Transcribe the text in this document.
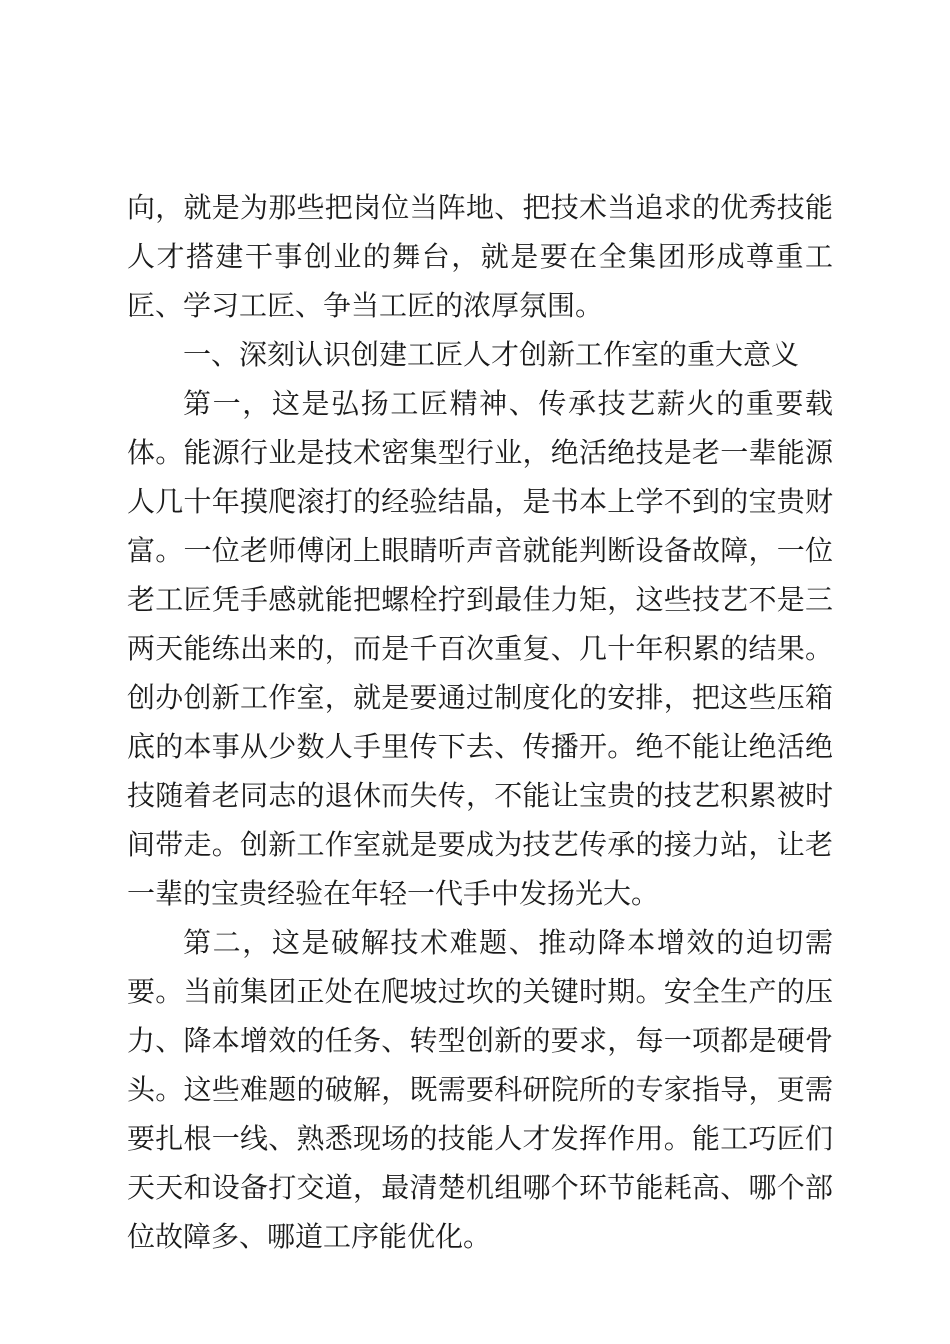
向，就是为那些把岗位当阵地、把技术当追求的优秀技能人才搭建干事创业的舞台，就是要在全集团形成尊重工匠、学习工匠、争当工匠的浓厚氛围。

一、深刻认识创建工匠人才创新工作室的重大意义

第一，这是弘扬工匠精神、传承技艺薪火的重要载体。能源行业是技术密集型行业，绝活绝技是老一辈能源人几十年摸爬滚打的经验结晶，是书本上学不到的宝贵财富。一位老师傅闭上眼睛听声音就能判断设备故障，一位老工匠凭手感就能把螺栓拧到最佳力矩，这些技艺不是三两天能练出来的，而是千百次重复、几十年积累的结果。创办创新工作室，就是要通过制度化的安排，把这些压箱底的本事从少数人手里传下去、传播开。绝不能让绝活绝技随着老同志的退休而失传，不能让宝贵的技艺积累被时间带走。创新工作室就是要成为技艺传承的接力站，让老一辈的宝贵经验在年轻一代手中发扬光大。

第二，这是破解技术难题、推动降本增效的迫切需要。当前集团正处在爬坡过坎的关键时期。安全生产的压力、降本增效的任务、转型创新的要求，每一项都是硬骨头。这些难题的破解，既需要科研院所的专家指导，更需要扎根一线、熟悉现场的技能人才发挥作用。能工巧匠们天天和设备打交道，最清楚机组哪个环节能耗高、哪个部位故障多、哪道工序能优化。
